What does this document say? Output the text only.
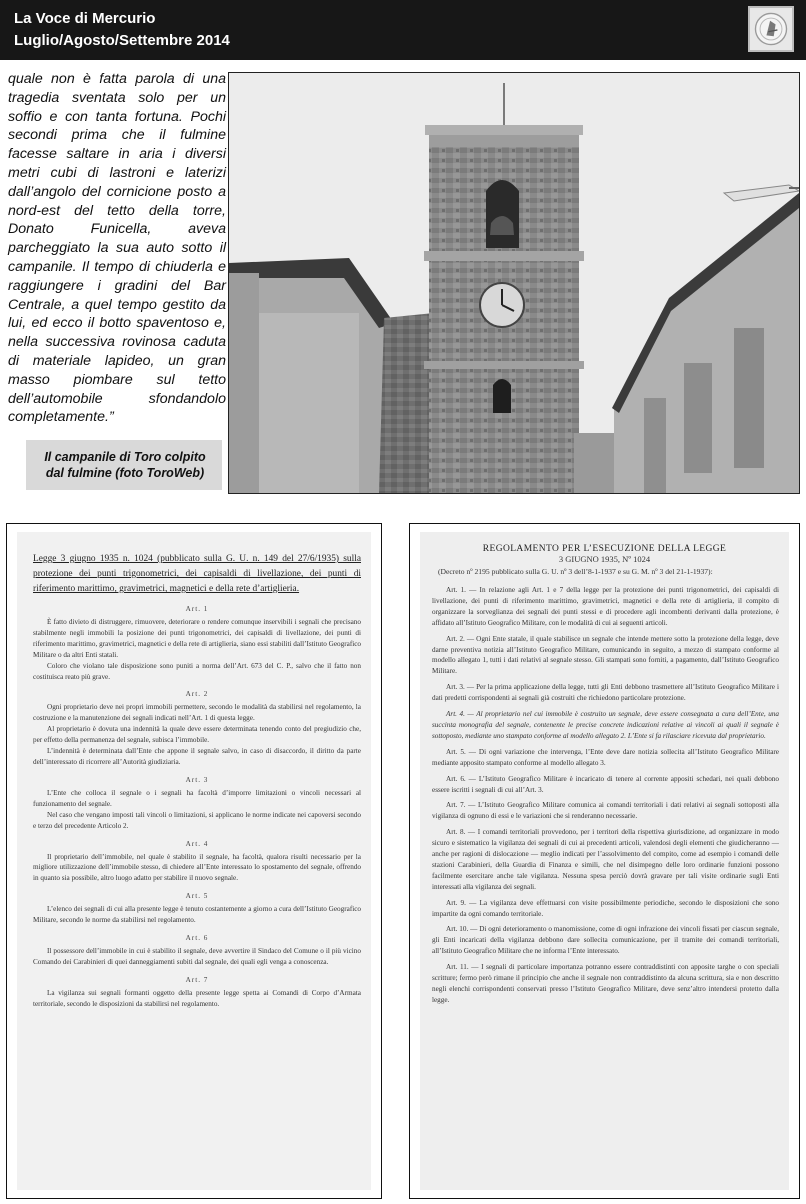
La Voce di Mercurio
Luglio/Agosto/Settembre 2014
quale non è fatta parola di una tragedia sventata solo per un soffio e con tanta fortuna. Pochi secondi prima che il fulmine facesse saltare in aria i diversi metri cubi di lastroni e laterizi dall’angolo del cornicione posto a nord-est del tetto della torre, Donato Funicella, aveva parcheggiato la sua auto sotto il campanile. Il tempo di chiuderla e raggiungere i gradini del Bar Centrale, a quel tempo gestito da lui, ed ecco il botto spaventoso e, nella successiva rovinosa caduta di materiale lapideo, un gran masso piombare sul tetto dell’automobile sfondandolo completamente.”

Il campanile di Toro colpito dal fulmine (foto ToroWeb)

Legge 3 giugno 1935 n. 1024 (pubblicato sulla G. U. n. 149 del 27/6/1935) sulla protezione dei punti trigonometrici, dei capisaldi di livellazione, dei punti di riferimento marittimo, gravimetrici, magnetici e della rete d’artiglieria.
Art. 1

È fatto divieto di distruggere, rimuovere, deteriorare o rendere comunque inservibili i segnali che precisano stabilmente negli immobili la posizione dei punti trigonometrici, dei capisaldi di livellazione, dei punti di riferimento marittimo, gravimetrici, magnetici e della rete di artiglieria, siano essi stabiliti dall’Istituto Geografico Militare o da altri Enti statali.

Coloro che violano tale disposizione sono puniti a norma dell’Art. 673 del C. P., salvo che il fatto non costituisca reato più grave.

Art. 2

Ogni proprietario deve nei propri immobili permettere, secondo le modalità da stabilirsi nel regolamento, la costruzione e la manutenzione dei segnali indicati nell’Art. 1 di questa legge.

Al proprietario è dovuta una indennità la quale deve essere determinata tenendo conto del pregiudizio che, per effetto della permanenza del segnale, subisca l’immobile.

L’indennità è determinata dall’Ente che appone il segnale salvo, in caso di disaccordo, il diritto da parte dell’interessato di ricorrere all’Autorità giudiziaria.

Art. 3

L’Ente che colloca il segnale o i segnali ha facoltà d’imporre limitazioni o vincoli necessari al funzionamento del segnale.

Nel caso che vengano imposti tali vincoli o limitazioni, si applicano le norme indicate nei capoversi secondo e terzo del precedente Articolo 2.

Art. 4

Il proprietario dell’immobile, nel quale è stabilito il segnale, ha facoltà, qualora risulti necessario per la migliore utilizzazione dell’immobile stesso, di chiedere all’Ente interessato lo spostamento del segnale, offrendo in quanto sia possibile, altro luogo adatto per stabilire il nuovo segnale.

Art. 5

L’elenco dei segnali di cui alla presente legge è tenuto costantemente a giorno a cura dell’Istituto Geografico Militare, secondo le norme da stabilirsi nel regolamento.

Art. 6

Il possessore dell’immobile in cui è stabilito il segnale, deve avvertire il Sindaco del Comune o il più vicino Comando dei Carabinieri di quei danneggiamenti subiti dal segnale, dei quali egli venga a conoscenza.

Art. 7

La vigilanza sui segnali formanti oggetto della presente legge spetta ai Comandi di Corpo d’Armata territoriale, secondo le disposizioni da stabilirsi nel regolamento.

REGOLAMENTO PER L’ESECUZIONE DELLA LEGGE
3 GIUGNO 1935, Nº 1024
(Decreto nº 2195 pubblicato sulla G. U. nº 3 dell’8-1-1937 e su G. M. nº 3 del 21-1-1937):

Art. 1. — In relazione agli Art. 1 e 7 della legge per la protezione dei punti trigonometrici, dei capisaldi di livellazione, dei punti di riferimento marittimo, gravimetrici, magnetici e della rete di artiglieria, il compito di organizzare la sorveglianza dei segnali dei punti stessi e di procedere agli incombenti derivanti dalla protezione, è affidato all’Istituto Geografico Militare, con le modalità di cui ai seguenti articoli.

Art. 2. — Ogni Ente statale, il quale stabilisce un segnale che intende mettere sotto la protezione della legge, deve darne preventiva notizia all’Istituto Geografico Militare, comunicando in seguito, a mezzo di stampato conforme al modello allegato 1, tutti i dati relativi al segnale stesso. Gli stampati sono forniti, a pagamento, dall’Istituto Geografico Militare.

Art. 3. — Per la prima applicazione della legge, tutti gli Enti debbono trasmettere all’Istituto Geografico Militare i dati predetti corrispondenti ai segnali già costruiti che richiedono particolare protezione.

Art. 4. — Al proprietario nel cui immobile è costruito un segnale, deve essere consegnata a cura dell’Ente, una succinta monografia del segnale, contenente le precise concrete indicazioni relative ai vincoli ai quali il segnale è sottoposto, mediante uno stampato conforme al modello allegato 2. L’Ente si fa rilasciare ricevuta dal proprietario.

Art. 5. — Di ogni variazione che intervenga, l’Ente deve dare notizia sollecita all’Istituto Geografico Militare mediante apposito stampato conforme al modello allegato 3.

Art. 6. — L’Istituto Geografico Militare è incaricato di tenere al corrente appositi schedari, nei quali debbono essere iscritti i segnali di cui all’Art. 3.

Art. 7. — L’Istituto Geografico Militare comunica ai comandi territoriali i dati relativi ai segnali sottoposti alla vigilanza di ognuno di essi e le variazioni che si renderanno necessarie.

Art. 8. — I comandi territoriali provvedono, per i territori della rispettiva giurisdizione, ad organizzare in modo sicuro e sistematico la vigilanza dei segnali di cui ai precedenti articoli, valendosi degli elementi che giudicheranno — anche per ragioni di dislocazione — meglio indicati per l’assolvimento del compito, come ad esempio i comandi delle stazioni Carabinieri, della Guardia di Finanza e simili, che nel disimpegno delle loro ordinarie funzioni possono facilmente esercitare anche tale vigilanza. Nessuna spesa perciò dovrà gravare per tali visite ordinarie sugli Enti interessati alla vigilanza dei segnali.

Art. 9. — La vigilanza deve effettuarsi con visite possibilmente periodiche, secondo le disposizioni che sono impartite da ogni comando territoriale.

Art. 10. — Di ogni deterioramento o manomissione, come di ogni infrazione dei vincoli fissati per ciascun segnale, gli Enti incaricati della vigilanza debbono dare sollecita comunicazione, per il tramite dei comandi territoriali, all’Istituto Geografico Militare che ne informa l’Ente interessato.

Art. 11. — I segnali di particolare importanza potranno essere contraddistinti con apposite targhe o con speciali scritture; fermo però rimane il principio che anche il segnale non contraddistinto da alcuna scrittura, sia e non descritto negli elenchi corrispondenti conservati presso l’Istituto Geografico Militare, deve senz’altro intendersi protetto dalla legge.
